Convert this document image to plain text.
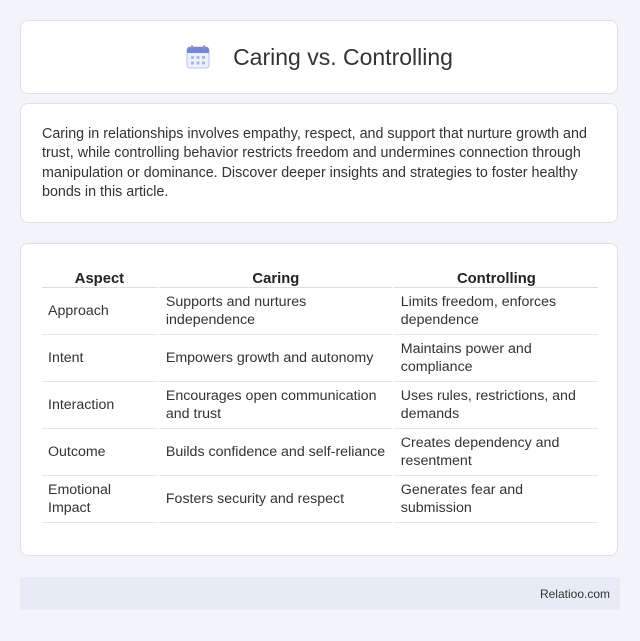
Caring vs. Controlling

Caring in relationships involves empathy, respect, and support that nurture growth and trust, while controlling behavior restricts freedom and undermines connection through manipulation or dominance. Discover deeper insights and strategies to foster healthy bonds in this article.

Aspect	Caring	Controlling
Approach	Supports and nurtures independence	Limits freedom, enforces dependence
Intent	Empowers growth and autonomy	Maintains power and compliance
Interaction	Encourages open communication and trust	Uses rules, restrictions, and demands
Outcome	Builds confidence and self-reliance	Creates dependency and resentment
Emotional Impact	Fosters security and respect	Generates fear and submission
Relatioo.com
